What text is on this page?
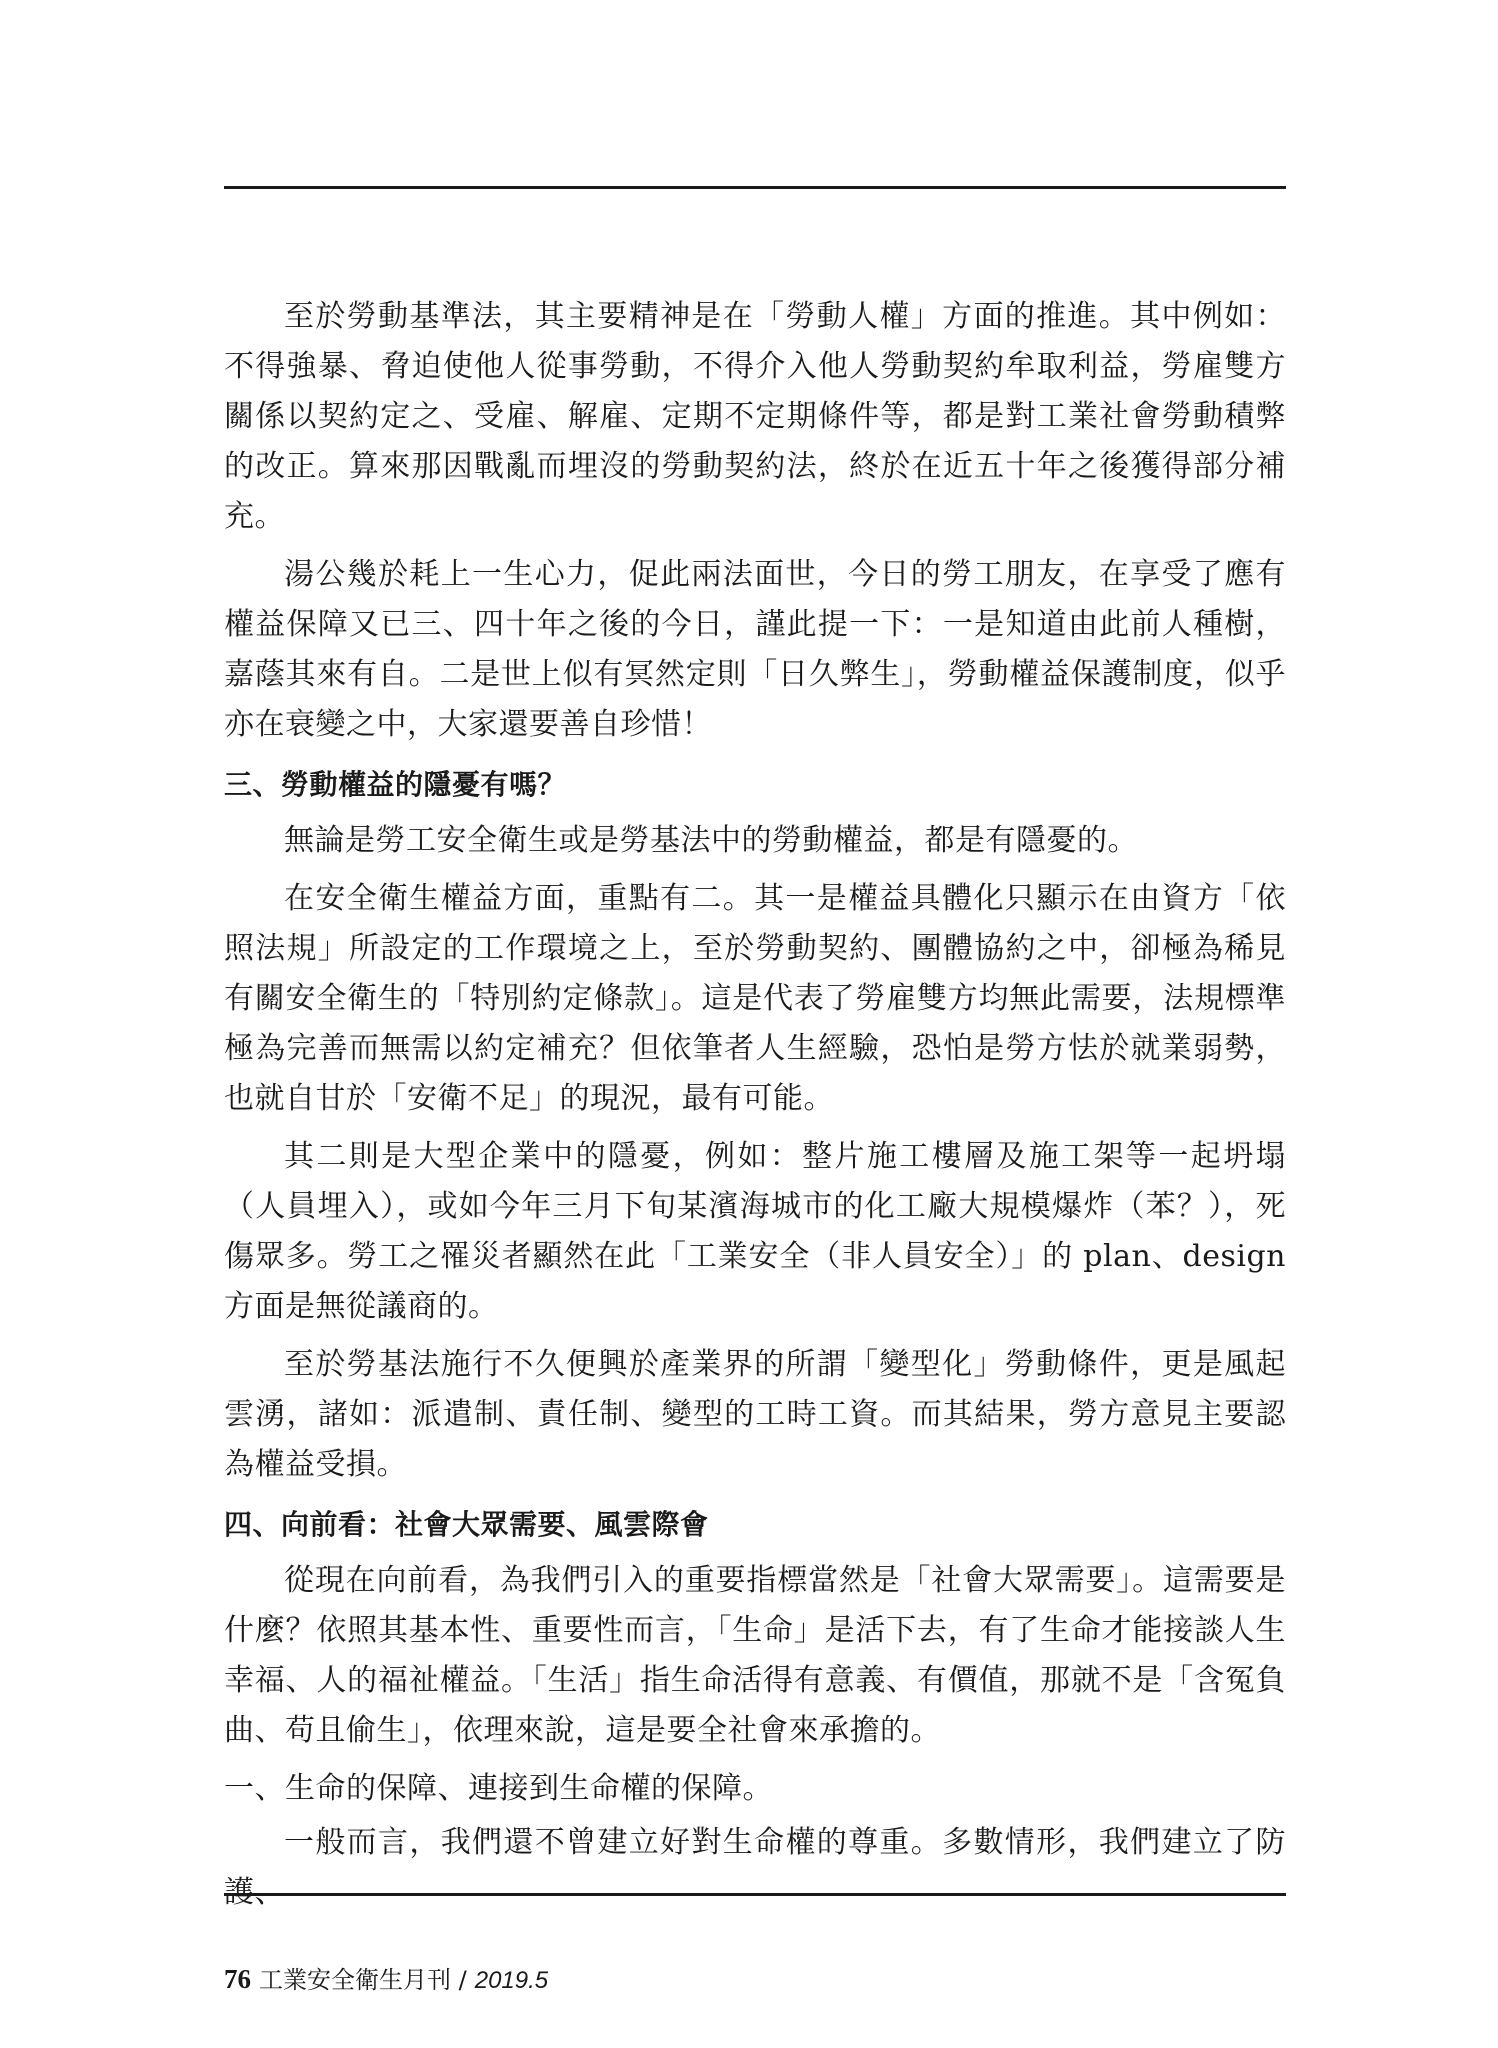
至於勞動基準法，其主要精神是在「勞動人權」方面的推進。其中例如：不得強暴、脅迫使他人從事勞動，不得介入他人勞動契約牟取利益，勞雇雙方關係以契約定之、受雇、解雇、定期不定期條件等，都是對工業社會勞動積弊的改正。算來那因戰亂而埋沒的勞動契約法，終於在近五十年之後獲得部分補充。

湯公幾於耗上一生心力，促此兩法面世，今日的勞工朋友，在享受了應有權益保障又已三、四十年之後的今日，謹此提一下：一是知道由此前人種樹，嘉蔭其來有自。二是世上似有冥然定則「日久弊生」，勞動權益保護制度，似乎亦在衰變之中，大家還要善自珍惜！

三、勞動權益的隱憂有嗎？

無論是勞工安全衛生或是勞基法中的勞動權益，都是有隱憂的。

在安全衛生權益方面，重點有二。其一是權益具體化只顯示在由資方「依照法規」所設定的工作環境之上，至於勞動契約、團體協約之中，卻極為稀見有關安全衛生的「特別約定條款」。這是代表了勞雇雙方均無此需要，法規標準極為完善而無需以約定補充？但依筆者人生經驗，恐怕是勞方怯於就業弱勢，也就自甘於「安衛不足」的現況，最有可能。

其二則是大型企業中的隱憂，例如：整片施工樓層及施工架等一起坍塌（人員埋入），或如今年三月下旬某濱海城市的化工廠大規模爆炸（苯？），死傷眾多。勞工之罹災者顯然在此「工業安全（非人員安全）」的 plan、design 方面是無從議商的。

至於勞基法施行不久便興於產業界的所謂「變型化」勞動條件，更是風起雲湧，諸如：派遣制、責任制、變型的工時工資。而其結果，勞方意見主要認為權益受損。

四、向前看：社會大眾需要、風雲際會

從現在向前看，為我們引入的重要指標當然是「社會大眾需要」。這需要是什麼？依照其基本性、重要性而言，「生命」是活下去，有了生命才能接談人生幸福、人的福祉權益。「生活」指生命活得有意義、有價值，那就不是「含冤負曲、苟且偷生」，依理來說，這是要全社會來承擔的。

一、生命的保障、連接到生命權的保障。

一般而言，我們還不曾建立好對生命權的尊重。多數情形，我們建立了防護、

76 工業安全衛生月刊 / 2019.5
